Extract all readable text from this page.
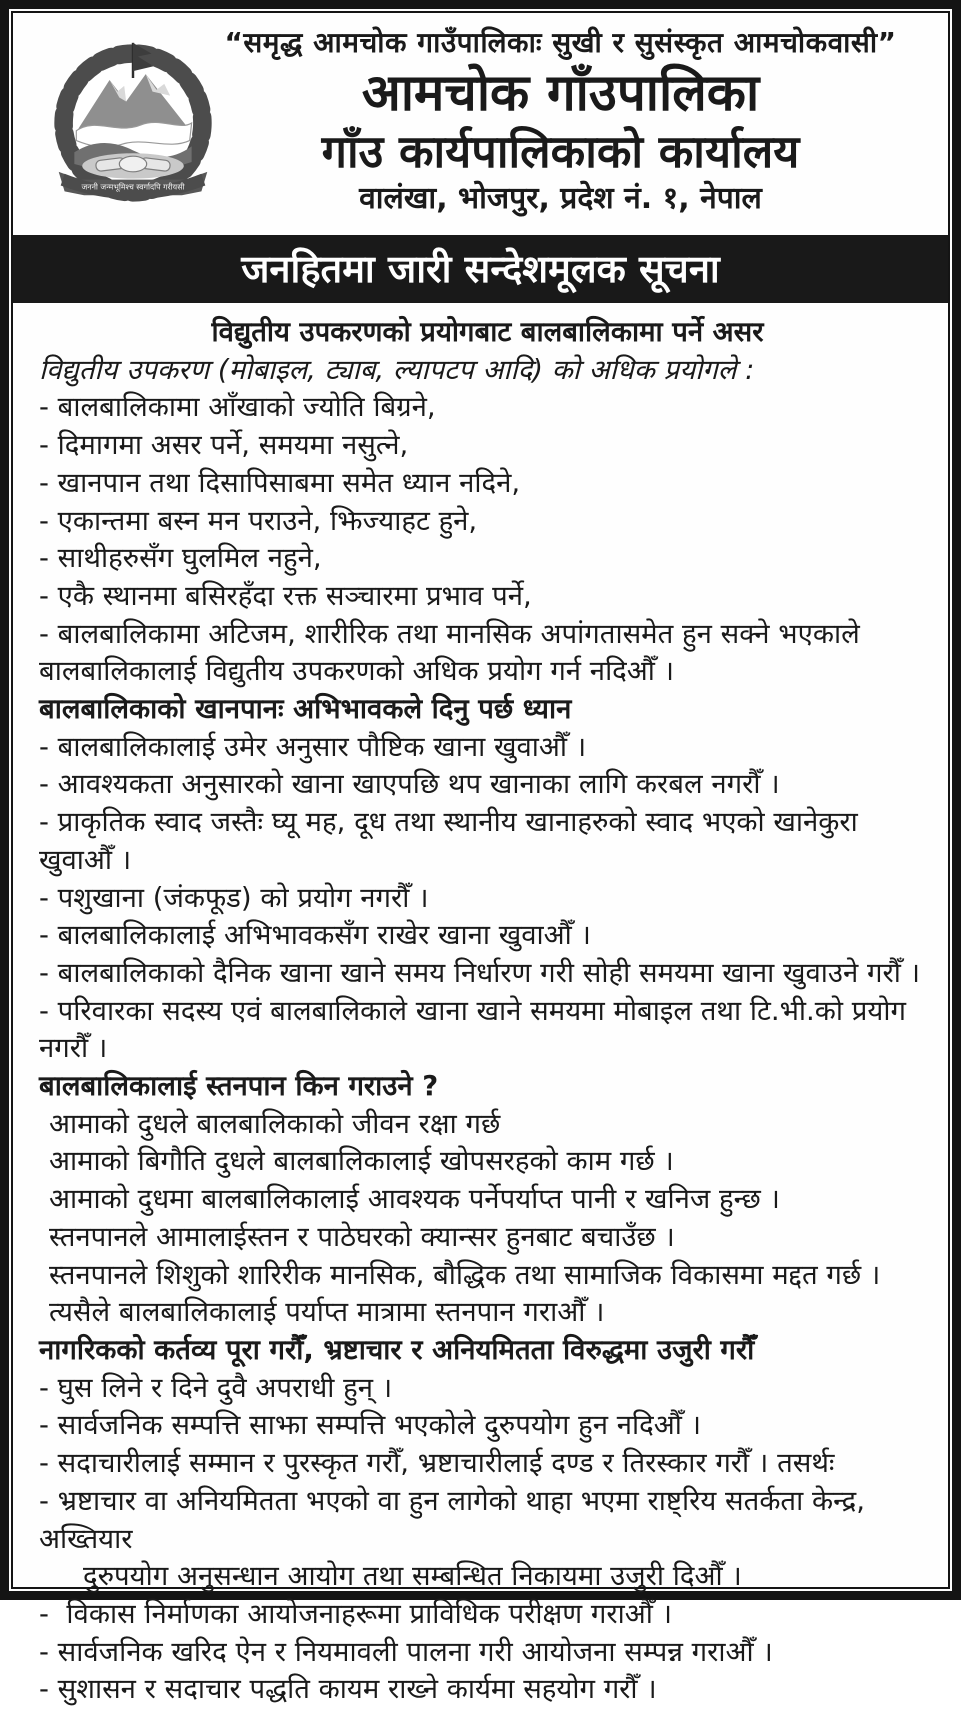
जननी जन्मभूमिश्च स्वर्गादपि गरीयसी
“समृद्ध आमचोक गाउँपालिकाः सुखी र सुसंस्कृत आमचोकवासी”
आमचोक गाँउपालिका
गाँउ कार्यपालिकाको कार्यालय
वालंखा, भोजपुर, प्रदेश नं. १, नेपाल
जनहितमा जारी सन्देशमूलक सूचना
विद्युतीय उपकरणको प्रयोगबाट बालबालिकामा पर्ने असर
विद्युतीय उपकरण (मोबाइल, ट्याब, ल्यापटप आदि) को अधिक प्रयोगले :
- बालबालिकामा आँखाको ज्योति बिग्रने,
- दिमागमा असर पर्ने, समयमा नसुत्ने,
- खानपान तथा दिसापिसाबमा समेत ध्यान नदिने,
- एकान्तमा बस्न मन पराउने, झिज्याहट हुने,
- साथीहरुसँग घुलमिल नहुने,
- एकै स्थानमा बसिरहँदा रक्त सञ्चारमा प्रभाव पर्ने,
- बालबालिकामा अटिजम, शारीरिक तथा मानसिक अपांगतासमेत हुन सक्ने भएकाले
बालबालिकालाई विद्युतीय उपकरणको अधिक प्रयोग गर्न नदिऔँ ।
बालबालिकाको खानपानः अभिभावकले दिनु पर्छ ध्यान
- बालबालिकालाई उमेर अनुसार पौष्टिक खाना खुवाऔँ ।
- आवश्यकता अनुसारको खाना खाएपछि थप खानाका लागि करबल नगरौँ ।
- प्राकृतिक स्वाद जस्तैः घ्यू मह, दूध तथा स्थानीय खानाहरुको स्वाद भएको खानेकुरा खुवाऔँ ।
- पशुखाना (जंकफूड) को प्रयोग नगरौँ ।
- बालबालिकालाई अभिभावकसँग राखेर खाना खुवाऔँ ।
- बालबालिकाको दैनिक खाना खाने समय निर्धारण गरी सोही समयमा खाना खुवाउने गरौँ ।
- परिवारका सदस्य एवं बालबालिकाले खाना खाने समयमा मोबाइल तथा टि.भी.को प्रयोग नगरौँ ।
बालबालिकालाई स्तनपान किन गराउने ?
आमाको दुधले बालबालिकाको जीवन रक्षा गर्छ
आमाको बिगौति दुधले बालबालिकालाई खोपसरहको काम गर्छ ।
आमाको दुधमा बालबालिकालाई आवश्यक पर्नेपर्याप्त पानी र खनिज हुन्छ ।
स्तनपानले आमालाईस्तन र पाठेघरको क्यान्सर हुनबाट बचाउँछ ।
स्तनपानले शिशुको शारिरीक मानसिक, बौद्धिक तथा सामाजिक विकासमा मद्दत गर्छ ।
त्यसैले बालबालिकालाई पर्याप्त मात्रामा स्तनपान गराऔँ ।
नागरिकको कर्तव्य पूरा गरौँ, भ्रष्टाचार र अनियमितता विरुद्धमा उजुरी गरौँ
- घुस लिने र दिने दुवै अपराधी हुन् ।
- सार्वजनिक सम्पत्ति साझा सम्पत्ति भएकोले दुरुपयोग हुन नदिऔँ ।
- सदाचारीलाई सम्मान र पुरस्कृत गरौँ, भ्रष्टाचारीलाई दण्ड र तिरस्कार गरौँ । तसर्थः
- भ्रष्टाचार वा अनियमितता भएको वा हुन लागेको थाहा भएमा राष्ट्रिय सतर्कता केन्द्र, अख्तियार
दुरुपयोग अनुसन्धान आयोग तथा सम्बन्धित निकायमा उजुरी दिऔँ ।
-  विकास निर्माणका आयोजनाहरूमा प्राविधिक परीक्षण गराऔँ ।
- सार्वजनिक खरिद ऐन र नियमावली पालना गरी आयोजना सम्पन्न गराऔँ ।
- सुशासन र सदाचार पद्धति कायम राख्ने कार्यमा सहयोग गरौँ ।
